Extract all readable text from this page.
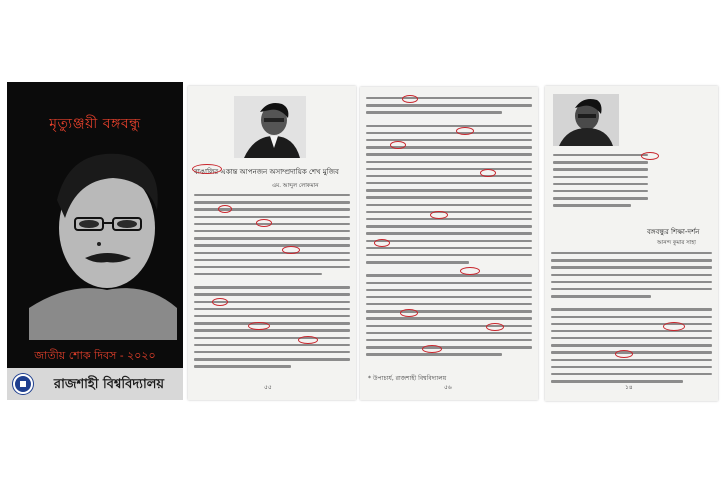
মৃত্যুঞ্জয়ী বঙ্গবন্ধু
জাতীয় শোক দিবস - ২০২০
রাজশাহী বিশ্ববিদ্যালয়
বাঙালির একান্ত আপনজন অসাম্প্রদায়িক শেখ মুজিব
এম. আব্দুল লোকমান
৫৫
* উপাচার্য, রাজশাহী বিশ্ববিদ্যালয়
৫৬
বঙ্গবন্ধুর শিক্ষা-দর্শন
আনন্দ কুমার সাহা
১৪
